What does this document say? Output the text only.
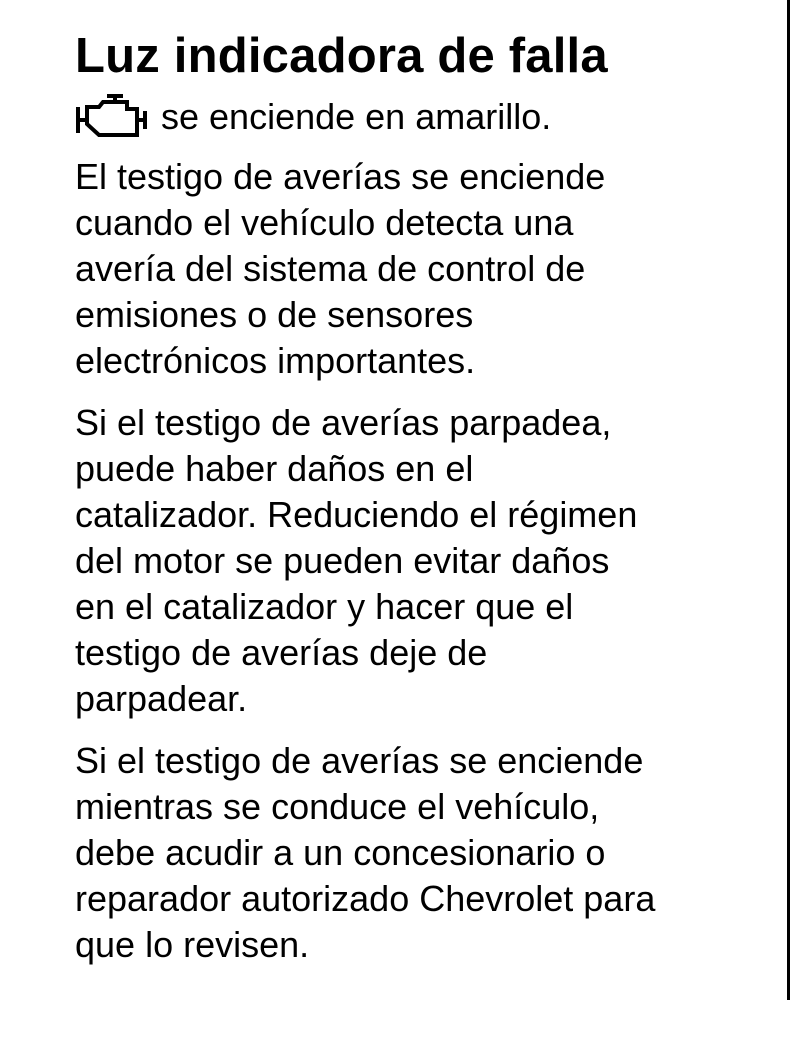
Luz indicadora de falla
se enciende en amarillo.
El testigo de averías se enciende
cuando el vehículo detecta una
avería del sistema de control de
emisiones o de sensores
electrónicos importantes.
Si el testigo de averías parpadea,
puede haber daños en el
catalizador. Reduciendo el régimen
del motor se pueden evitar daños
en el catalizador y hacer que el
testigo de averías deje de
parpadear.
Si el testigo de averías se enciende
mientras se conduce el vehículo,
debe acudir a un concesionario o
reparador autorizado Chevrolet para
que lo revisen.
